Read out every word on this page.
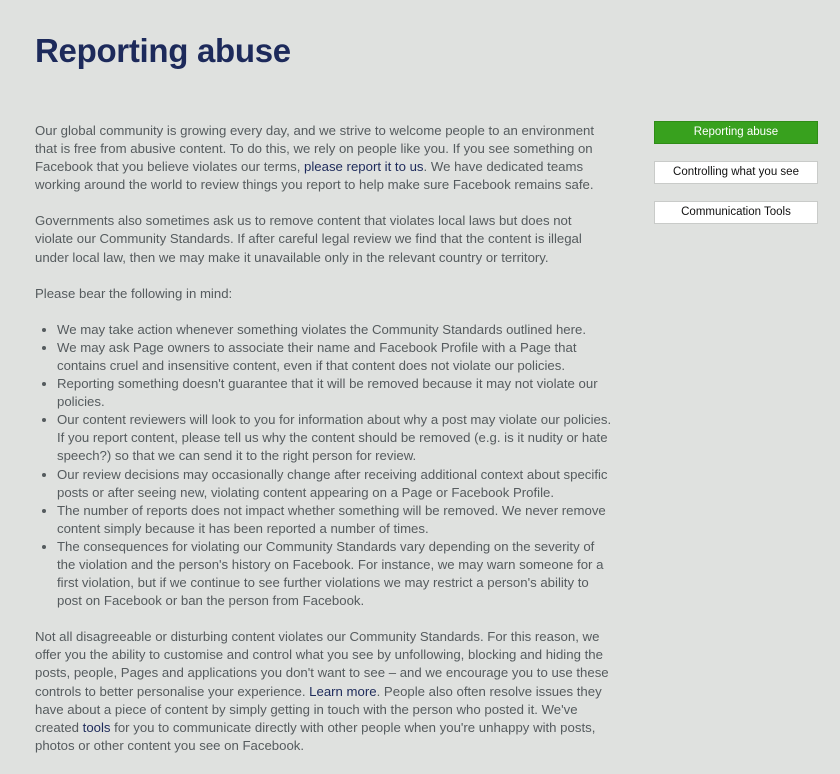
Reporting abuse

Our global community is growing every day, and we strive to welcome people to an environment that is free from abusive content. To do this, we rely on people like you. If you see something on Facebook that you believe violates our terms, please report it to us. We have dedicated teams working around the world to review things you report to help make sure Facebook remains safe.

Governments also sometimes ask us to remove content that violates local laws but does not violate our Community Standards. If after careful legal review we find that the content is illegal under local law, then we may make it unavailable only in the relevant country or territory.

Please bear the following in mind:

• We may take action whenever something violates the Community Standards outlined here.
• We may ask Page owners to associate their name and Facebook Profile with a Page that contains cruel and insensitive content, even if that content does not violate our policies.
• Reporting something doesn't guarantee that it will be removed because it may not violate our policies.
• Our content reviewers will look to you for information about why a post may violate our policies. If you report content, please tell us why the content should be removed (e.g. is it nudity or hate speech?) so that we can send it to the right person for review.
• Our review decisions may occasionally change after receiving additional context about specific posts or after seeing new, violating content appearing on a Page or Facebook Profile.
• The number of reports does not impact whether something will be removed. We never remove content simply because it has been reported a number of times.
• The consequences for violating our Community Standards vary depending on the severity of the violation and the person's history on Facebook. For instance, we may warn someone for a first violation, but if we continue to see further violations we may restrict a person's ability to post on Facebook or ban the person from Facebook.

Not all disagreeable or disturbing content violates our Community Standards. For this reason, we offer you the ability to customise and control what you see by unfollowing, blocking and hiding the posts, people, Pages and applications you don't want to see – and we encourage you to use these controls to better personalise your experience. Learn more. People also often resolve issues they have about a piece of content by simply getting in touch with the person who posted it. We've created tools for you to communicate directly with other people when you're unhappy with posts, photos or other content you see on Facebook.

Reporting abuse
Controlling what you see
Communication Tools
